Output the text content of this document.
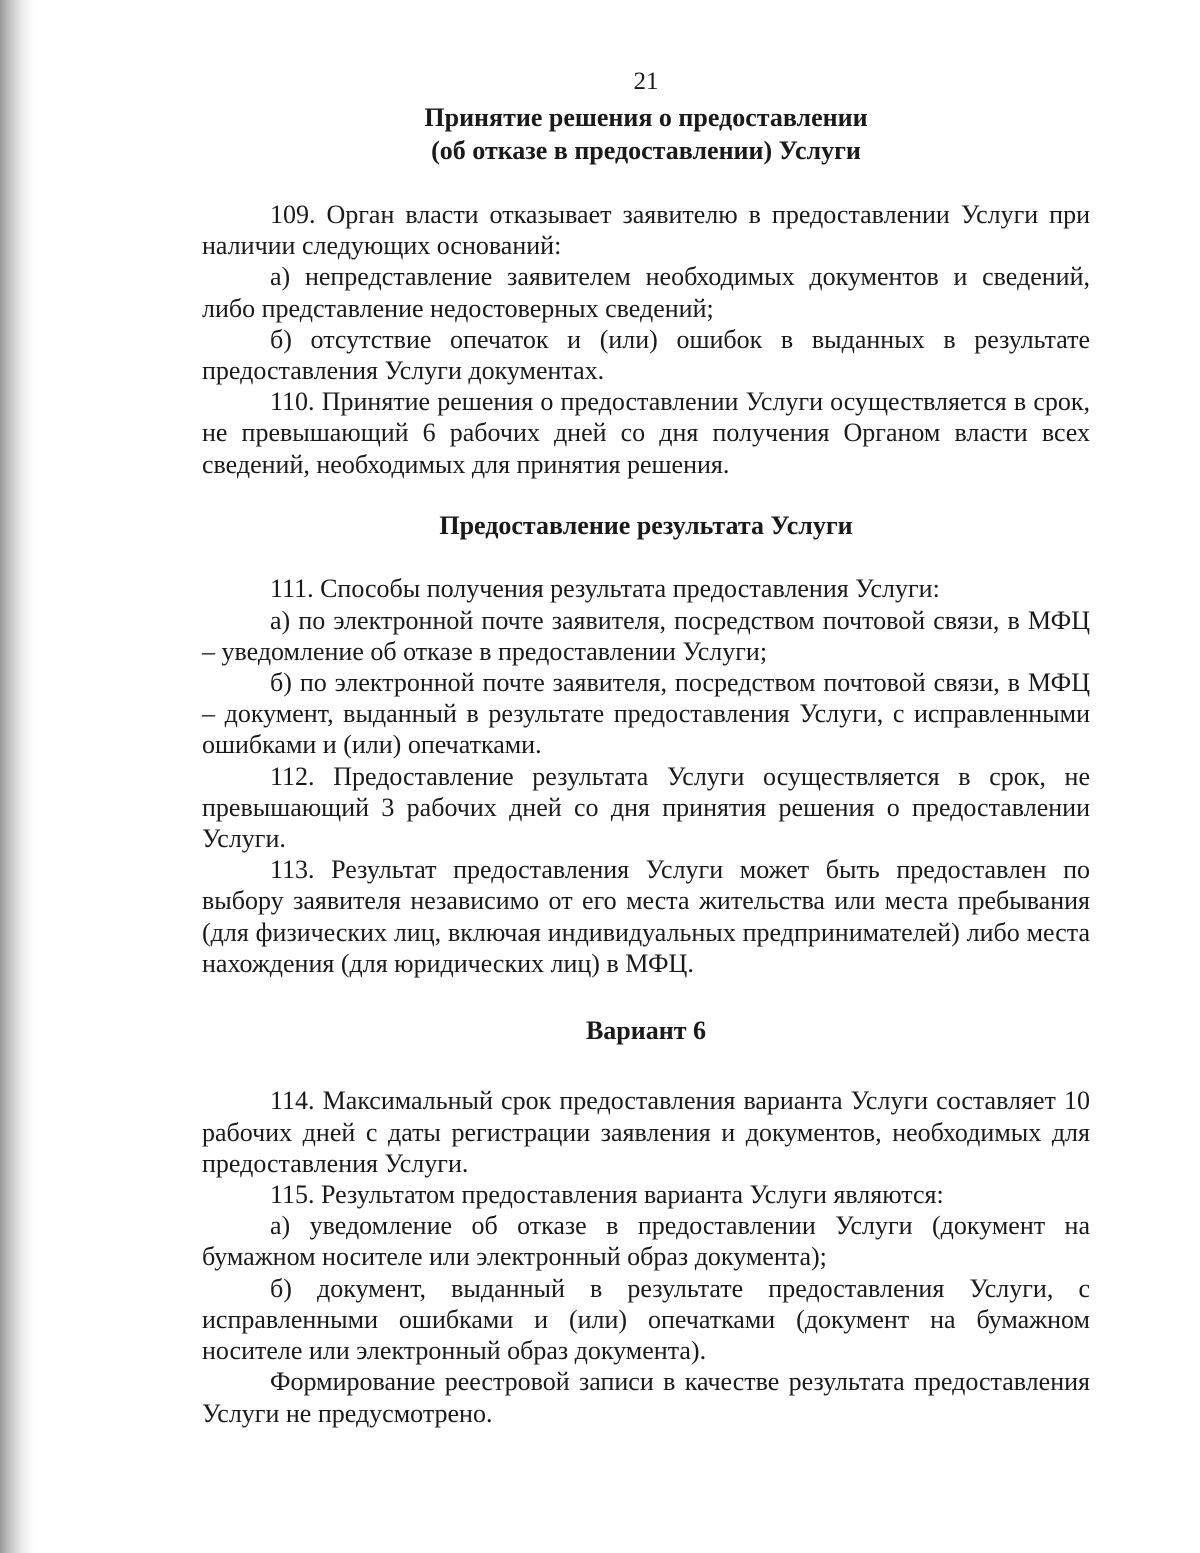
21
Принятие решения о предоставлении
(об отказе в предоставлении) Услуги

109. Орган власти отказывает заявителю в предоставлении Услуги при наличии следующих оснований:

а) непредставление заявителем необходимых документов и сведений, либо представление недостоверных сведений;

б) отсутствие опечаток и (или) ошибок в выданных в результате предоставления Услуги документах.

110. Принятие решения о предоставлении Услуги осуществляется в срок, не превышающий 6 рабочих дней со дня получения Органом власти всех сведений, необходимых для принятия решения.

Предоставление результата Услуги

111. Способы получения результата предоставления Услуги:

а) по электронной почте заявителя, посредством почтовой связи, в МФЦ – уведомление об отказе в предоставлении Услуги;

б) по электронной почте заявителя, посредством почтовой связи, в МФЦ – документ, выданный в результате предоставления Услуги, с исправленными ошибками и (или) опечатками.

112. Предоставление результата Услуги осуществляется в срок, не превышающий 3 рабочих дней со дня принятия решения о предоставлении Услуги.

113. Результат предоставления Услуги может быть предоставлен по выбору заявителя независимо от его места жительства или места пребывания (для физических лиц, включая индивидуальных предпринимателей) либо места нахождения (для юридических лиц) в МФЦ.

Вариант 6

114. Максимальный срок предоставления варианта Услуги составляет 10 рабочих дней с даты регистрации заявления и документов, необходимых для предоставления Услуги.

115. Результатом предоставления варианта Услуги являются:

а) уведомление об отказе в предоставлении Услуги (документ на бумажном носителе или электронный образ документа);

б) документ, выданный в результате предоставления Услуги, с исправленными ошибками и (или) опечатками (документ на бумажном носителе или электронный образ документа).

Формирование реестровой записи в качестве результата предоставления Услуги не предусмотрено.
